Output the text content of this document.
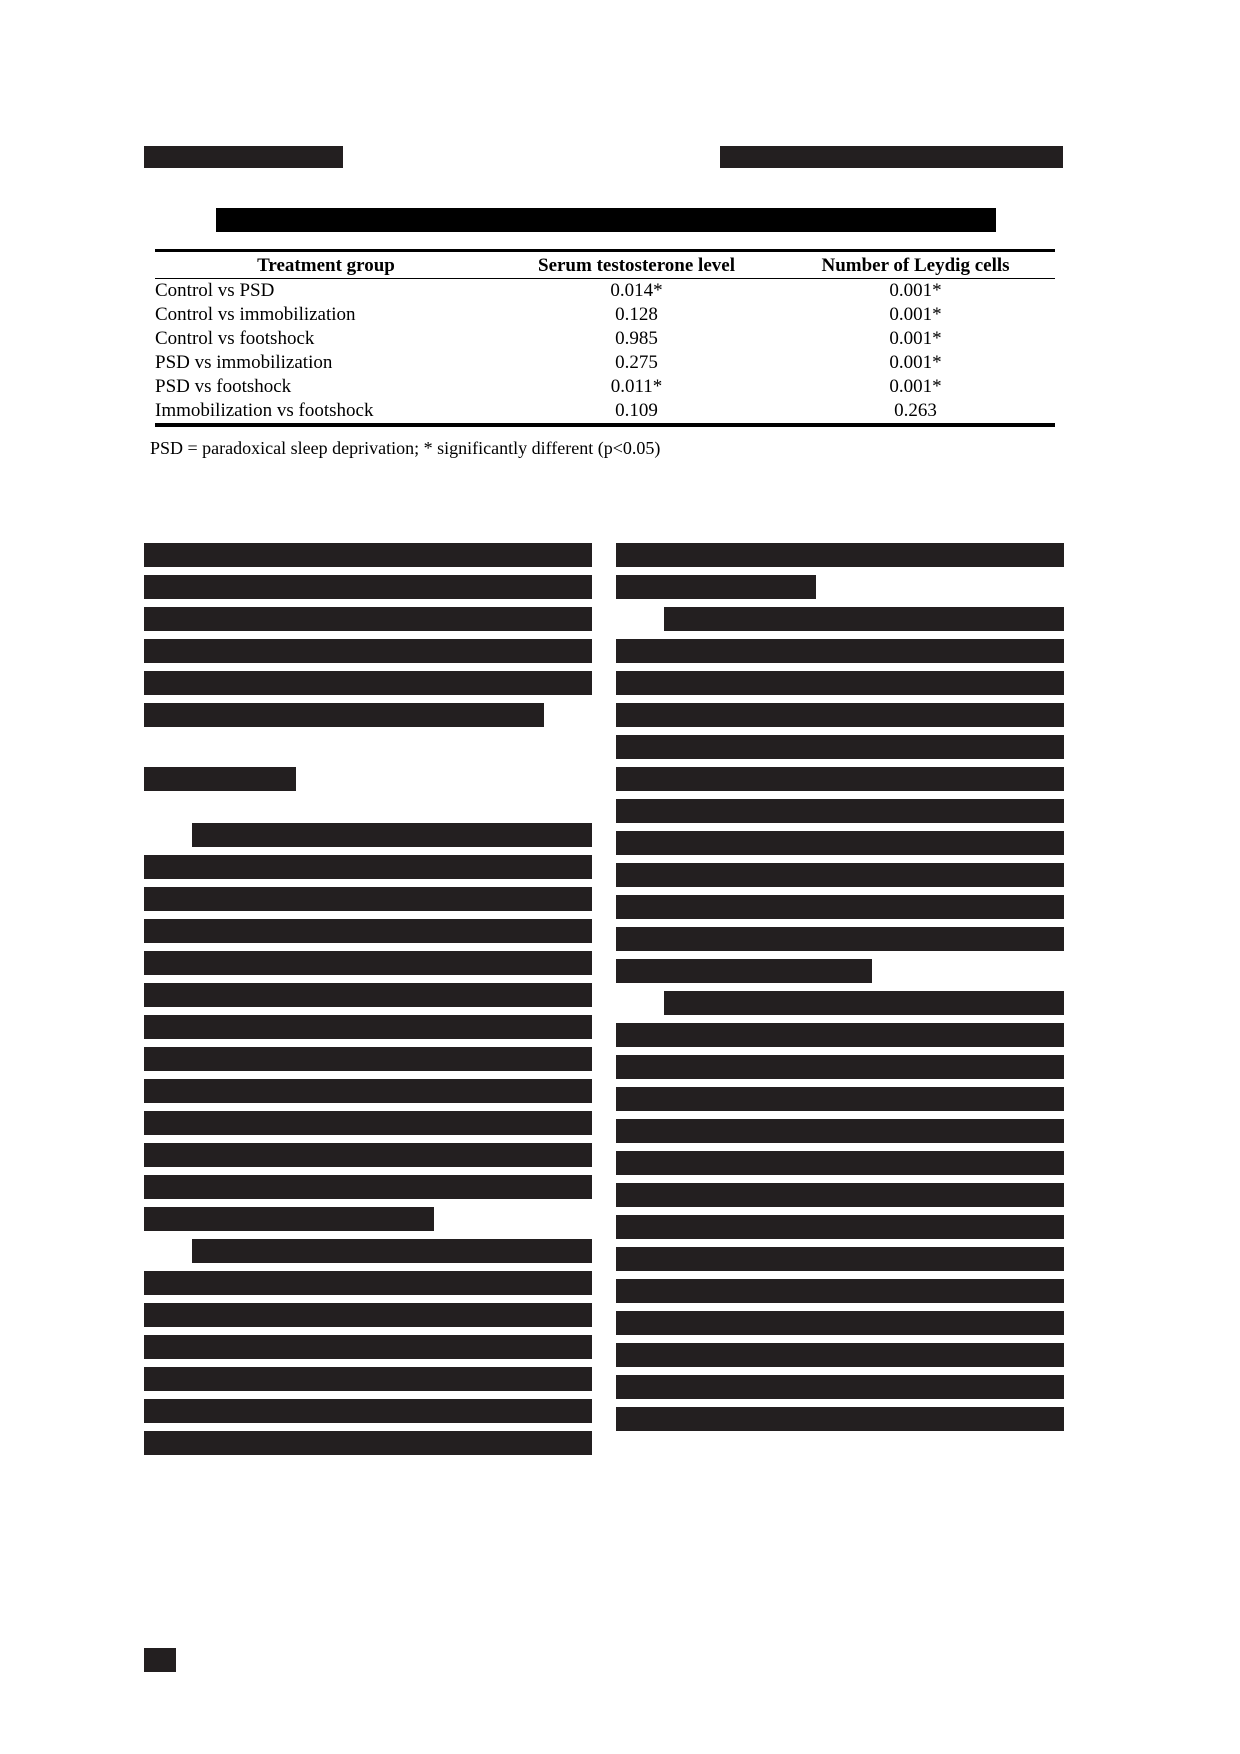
Treatment group	Serum testosterone level	Number of Leydig cells
Control vs PSD	0.014*	0.001*
Control vs immobilization	0.128	0.001*
Control vs footshock	0.985	0.001*
PSD vs immobilization	0.275	0.001*
PSD vs footshock	0.011*	0.001*
Immobilization vs footshock	0.109	0.263
PSD = paradoxical sleep deprivation; * significantly different (p<0.05)
